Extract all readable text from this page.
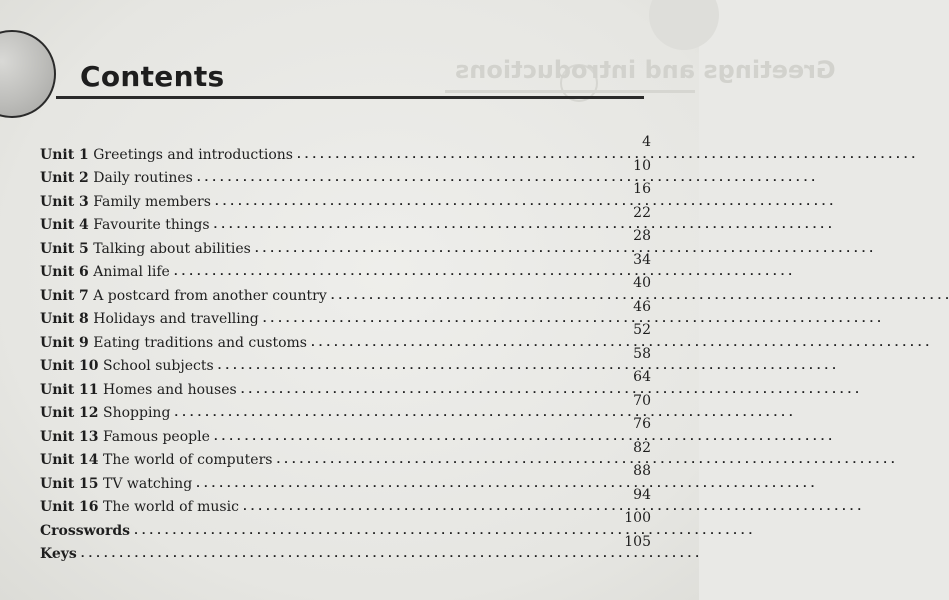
Greetings and introductions
Contents
Unit 1 Greetings and introductions
. . .
4
Unit 2 Daily routines
. . .
10
Unit 3 Family members
. . .
16
Unit 4 Favourite things
. . .
22
Unit 5 Talking about abilities
. . .
28
Unit 6 Animal life
. . .
34
Unit 7 A postcard from another country
. . .
40
Unit 8 Holidays and travelling
. . .
46
Unit 9 Eating traditions and customs
. . .
52
Unit 10 School subjects
. . .
58
Unit 11 Homes and houses
. . .
64
Unit 12 Shopping
. . .
70
Unit 13 Famous people
. . .
76
Unit 14 The world of computers
. . .
82
Unit 15 TV watching
. . .
88
Unit 16 The world of music
. . .
94
Crosswords
. . .
100
Keys
. . .
105
